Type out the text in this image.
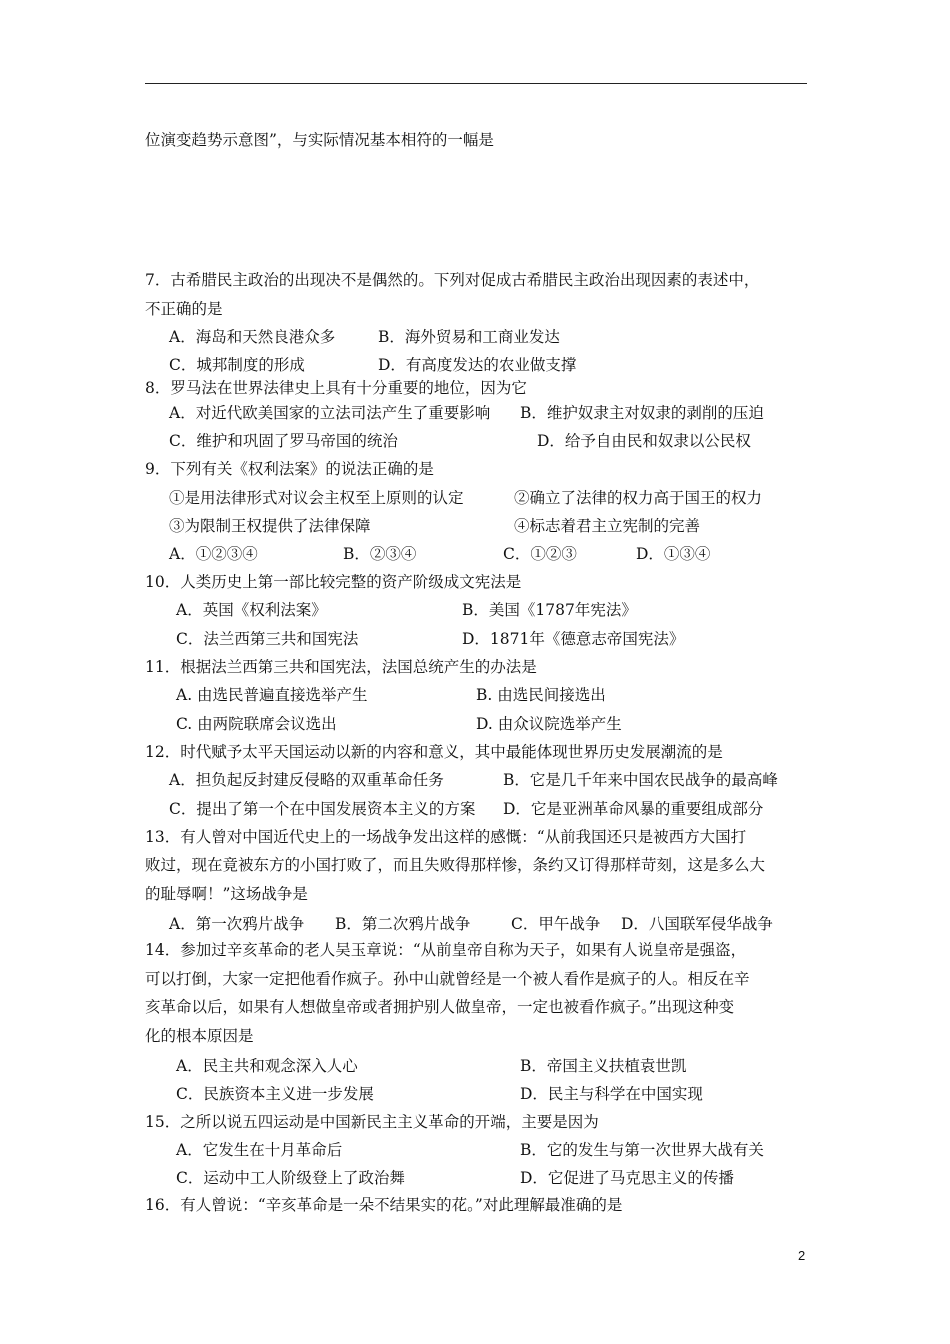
位演变趋势示意图”，与实际情况基本相符的一幅是
7．古希腊民主政治的出现决不是偶然的。下列对促成古希腊民主政治出现因素的表述中，
不正确的是
A．海岛和天然良港众多	B．海外贸易和工商业发达
C．城邦制度的形成	D．有高度发达的农业做支撑
8．罗马法在世界法律史上具有十分重要的地位，因为它
A．对近代欧美国家的立法司法产生了重要影响 B．维护奴隶主对奴隶的剥削的压迫
C．维护和巩固了罗马帝国的统治	D．给予自由民和奴隶以公民权
9．下列有关《权利法案》的说法正确的是
①是用法律形式对议会主权至上原则的认定	②确立了法律的权力高于国王的权力
③为限制王权提供了法律保障	④标志着君主立宪制的完善
A．①②③④	B．②③④	C．①②③	D．①③④
10．人类历史上第一部比较完整的资产阶级成文宪法是
A．英国《权利法案》	B．美国《1787年宪法》
C．法兰西第三共和国宪法	D．1871年《德意志帝国宪法》
11．根据法兰西第三共和国宪法，法国总统产生的办法是
A. 由选民普遍直接选举产生	B. 由选民间接选出
C. 由两院联席会议选出	D. 由众议院选举产生
12．时代赋予太平天国运动以新的内容和意义，其中最能体现世界历史发展潮流的是
A．担负起反封建反侵略的双重革命任务	B．它是几千年来中国农民战争的最高峰
C．提出了第一个在中国发展资本主义的方案 D．它是亚洲革命风暴的重要组成部分
13．有人曾对中国近代史上的一场战争发出这样的感慨：“从前我国还只是被西方大国打
败过，现在竟被东方的小国打败了，而且失败得那样惨，条约又订得那样苛刻，这是多么大
的耻辱啊！”这场战争是
A．第一次鸦片战争 B．第二次鸦片战争	C．甲午战争 D．八国联军侵华战争
14．参加过辛亥革命的老人吴玉章说：“从前皇帝自称为天子，如果有人说皇帝是强盗，
可以打倒，大家一定把他看作疯子。孙中山就曾经是一个被人看作是疯子的人。相反在辛
亥革命以后，如果有人想做皇帝或者拥护别人做皇帝，一定也被看作疯子。”出现这种变
化的根本原因是
A．民主共和观念深入人心	B．帝国主义扶植袁世凯
C．民族资本主义进一步发展	D．民主与科学在中国实现
15．之所以说五四运动是中国新民主主义革命的开端，主要是因为
A．它发生在十月革命后	B．它的发生与第一次世界大战有关
C．运动中工人阶级登上了政治舞	D．它促进了马克思主义的传播
16．有人曾说：“辛亥革命是一朵不结果实的花。”对此理解最准确的是
2
